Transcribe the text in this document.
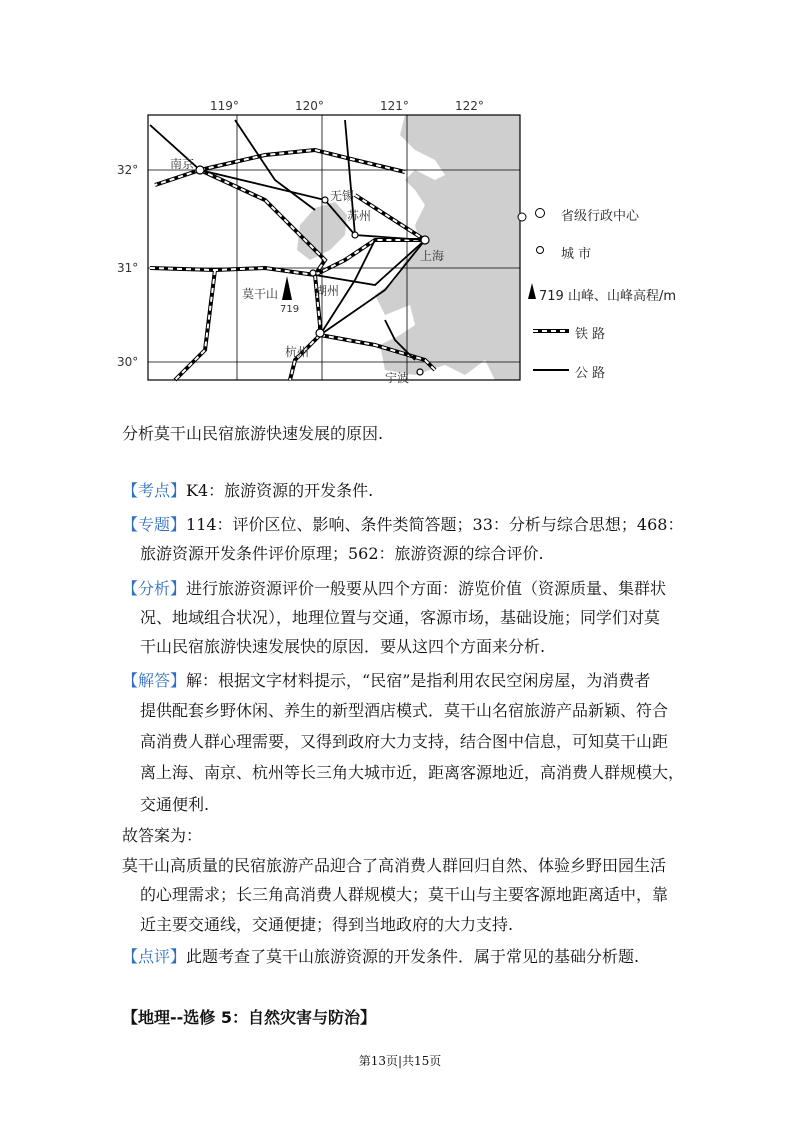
119°	120°	121°	122°
32°
31°
30°
南京
无锡
苏州
上海
湖州
莫干山
719
杭州
宁波
省级行政中心
城 市
719 山峰、山峰高程/m
铁 路
公 路
分析莫干山民宿旅游快速发展的原因.
【考点】K4：旅游资源的开发条件.
【专题】114：评价区位、影响、条件类简答题；33：分析与综合思想；468：
旅游资源开发条件评价原理；562：旅游资源的综合评价.
【分析】进行旅游资源评价一般要从四个方面：游览价值（资源质量、集群状
况、地域组合状况），地理位置与交通，客源市场，基础设施；同学们对莫
干山民宿旅游快速发展快的原因．要从这四个方面来分析.
【解答】解：根据文字材料提示，“民宿”是指利用农民空闲房屋，为消费者
提供配套乡野休闲、养生的新型酒店模式．莫干山名宿旅游产品新颖、符合
高消费人群心理需要，又得到政府大力支持，结合图中信息，可知莫干山距
离上海、南京、杭州等长三角大城市近，距离客源地近，高消费人群规模大，
交通便利.
故答案为：
莫干山高质量的民宿旅游产品迎合了高消费人群回归自然、体验乡野田园生活
的心理需求；长三角高消费人群规模大；莫干山与主要客源地距离适中，靠
近主要交通线，交通便捷；得到当地政府的大力支持.
【点评】此题考查了莫干山旅游资源的开发条件．属于常见的基础分析题.
【地理--选修 5：自然灾害与防治】
第13页|共15页
